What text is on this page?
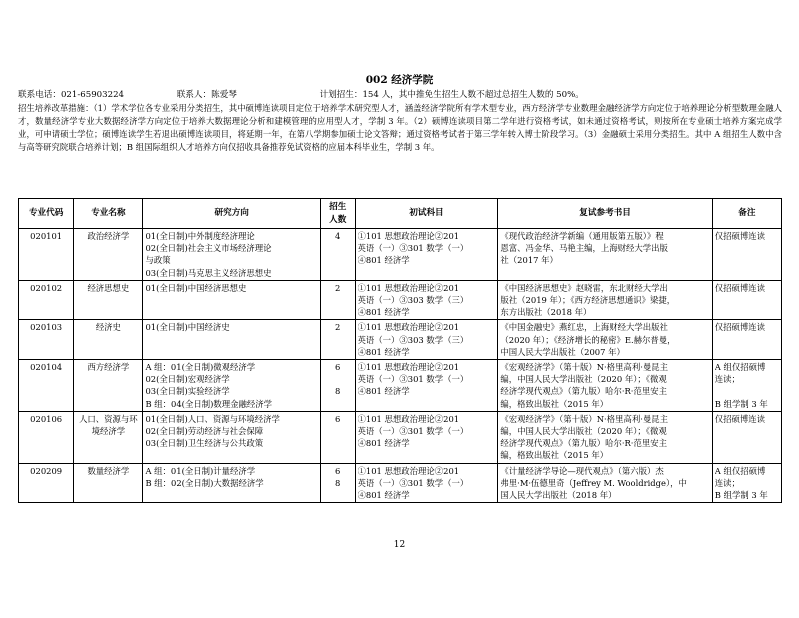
002 经济学院
联系电话：021-65903224	联系人：陈爱琴	计划招生：154 人，其中推免生招生人数不超过总招生人数的 50%。
招生培养改革措施：（1）学术学位各专业采用分类招生，其中硕博连读项目定位于培养学术研究型人才，涵盖经济学院所有学术型专业，西方经济学专业数理金融经济学方向定位于培养理论分析型数理金融人才，数量经济学专业大数据经济学方向定位于培养大数据理论分析和建模管理的应用型人才，学制 3 年。（2）硕博连读项目第二学年进行资格考试，如未通过资格考试，则按所在专业硕士培养方案完成学业，可申请硕士学位；硕博连读学生若退出硕博连读项目，将延期一年，在第八学期参加硕士论文答辩；通过资格考试者于第三学年转入博士阶段学习。（3）金融硕士采用分类招生。其中 A 组招生人数中含与高等研究院联合培养计划；B 组国际组织人才培养方向仅招收具备推荐免试资格的应届本科毕业生，学制 3 年。
专业代码	专业名称	研究方向	招生
人数	初试科目	复试参考书目	备注
020101	政治经济学	01(全日制)中外制度经济理论
02(全日制)社会主义市场经济理论
与政策
03(全日制)马克思主义经济思想史	4	①101 思想政治理论②201
英语（一）③301 数学（一）
④801 经济学	《现代政治经济学新编（通用版第五版）》程
恩富、冯金华、马艳主编，上海财经大学出版
社（2017 年）	仅招硕博连读

020102	经济思想史	01(全日制)中国经济思想史	2	①101 思想政治理论②201
英语（一）③303 数学（三）
④801 经济学	《中国经济思想史》赵晓雷，东北财经大学出
版社（2019 年）；《西方经济思想通识》梁捷，
东方出版社（2018 年）	仅招硕博连读

020103	经济史	01(全日制)中国经济史	2	①101 思想政治理论②201
英语（一）③303 数学（三）
④801 经济学	《中国金融史》燕红忠，上海财经大学出版社
（2020 年）；《经济增长的秘密》E.赫尔普曼，
中国人民大学出版社（2007 年）	仅招硕博连读

020104	西方经济学	A 组：01(全日制)微观经济学
02(全日制)宏观经济学
03(全日制)实验经济学
B 组：04(全日制)数理金融经济学	6
8	①101 思想政治理论②201
英语（一）③301 数学（一）
④801 经济学	《宏观经济学》（第十版）N·格里高利·曼昆主
编，中国人民大学出版社（2020 年）；《微观
经济学现代观点》（第九版）哈尔·R·范里安主
编，格致出版社（2015 年）	A 组仅招硕博
连读；
B 组学制 3 年

020106	人口、资源与环境经济学	01(全日制)人口、资源与环境经济学
02(全日制)劳动经济与社会保障
03(全日制)卫生经济与公共政策	6	①101 思想政治理论②201
英语（一）③301 数学（一）
④801 经济学	《宏观经济学》（第十版）N·格里高利·曼昆主
编，中国人民大学出版社（2020 年）；《微观
经济学现代观点》（第九版）哈尔·R·范里安主
编，格致出版社（2015 年）	仅招硕博连读

020209	数量经济学	A 组：01(全日制)计量经济学
B 组：02(全日制)大数据经济学	6
8	①101 思想政治理论②201
英语（一）③301 数学（一）
④801 经济学	《计量经济学导论—现代观点》（第六版）杰
弗里·M·伍德里奇（Jeffrey M. Wooldridge），中
国人民大学出版社（2018 年）	A 组仅招硕博
连读；
B 组学制 3 年
12
